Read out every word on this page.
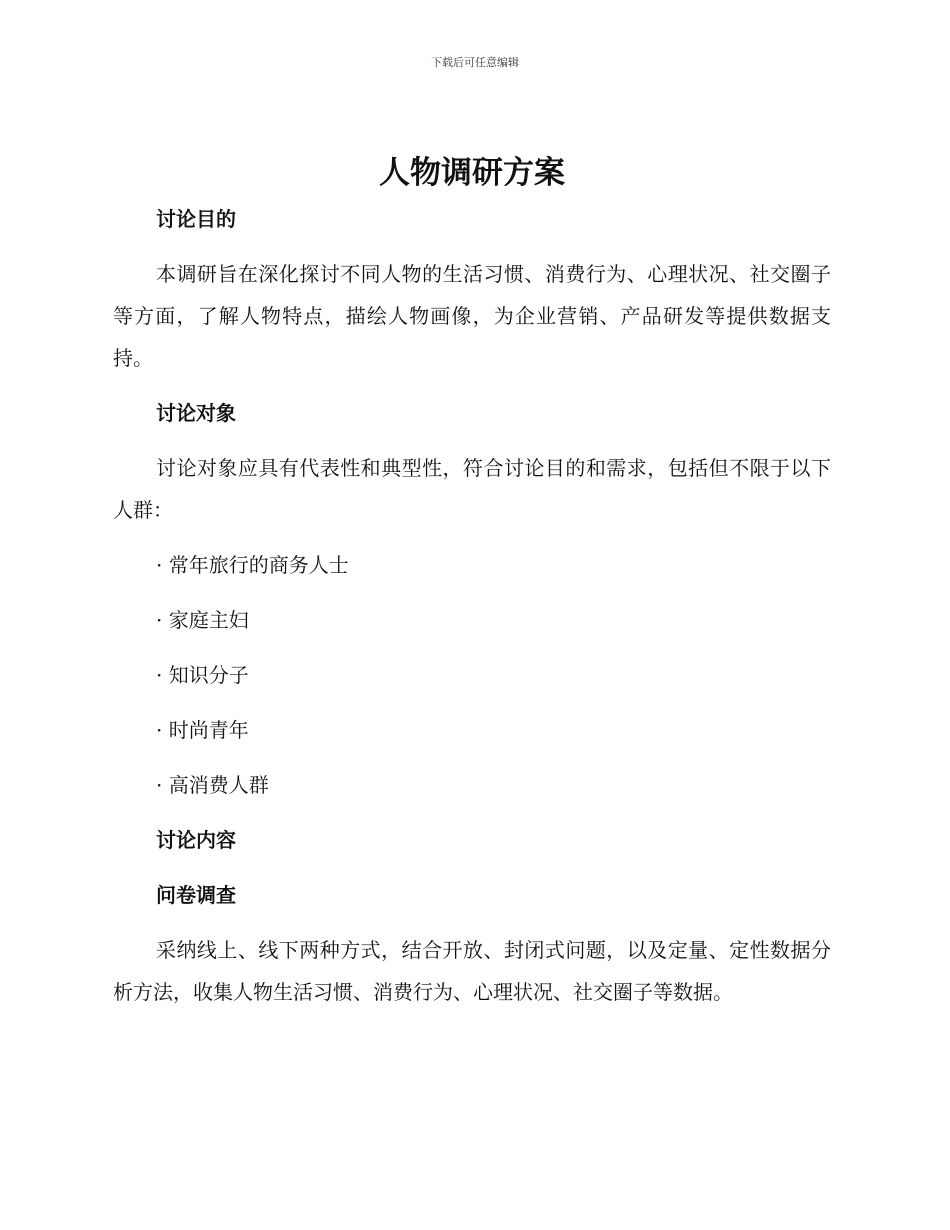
下载后可任意编辑
人物调研方案
讨论目的

本调研旨在深化探讨不同人物的生活习惯、消费行为、心理状况、社交圈子等方面，了解人物特点，描绘人物画像，为企业营销、产品研发等提供数据支持。

讨论对象

讨论对象应具有代表性和典型性，符合讨论目的和需求，包括但不限于以下人群：

· 常年旅行的商务人士
· 家庭主妇
· 知识分子
· 时尚青年
· 高消费人群
讨论内容
问卷调查

采纳线上、线下两种方式，结合开放、封闭式问题，以及定量、定性数据分析方法，收集人物生活习惯、消费行为、心理状况、社交圈子等数据。
